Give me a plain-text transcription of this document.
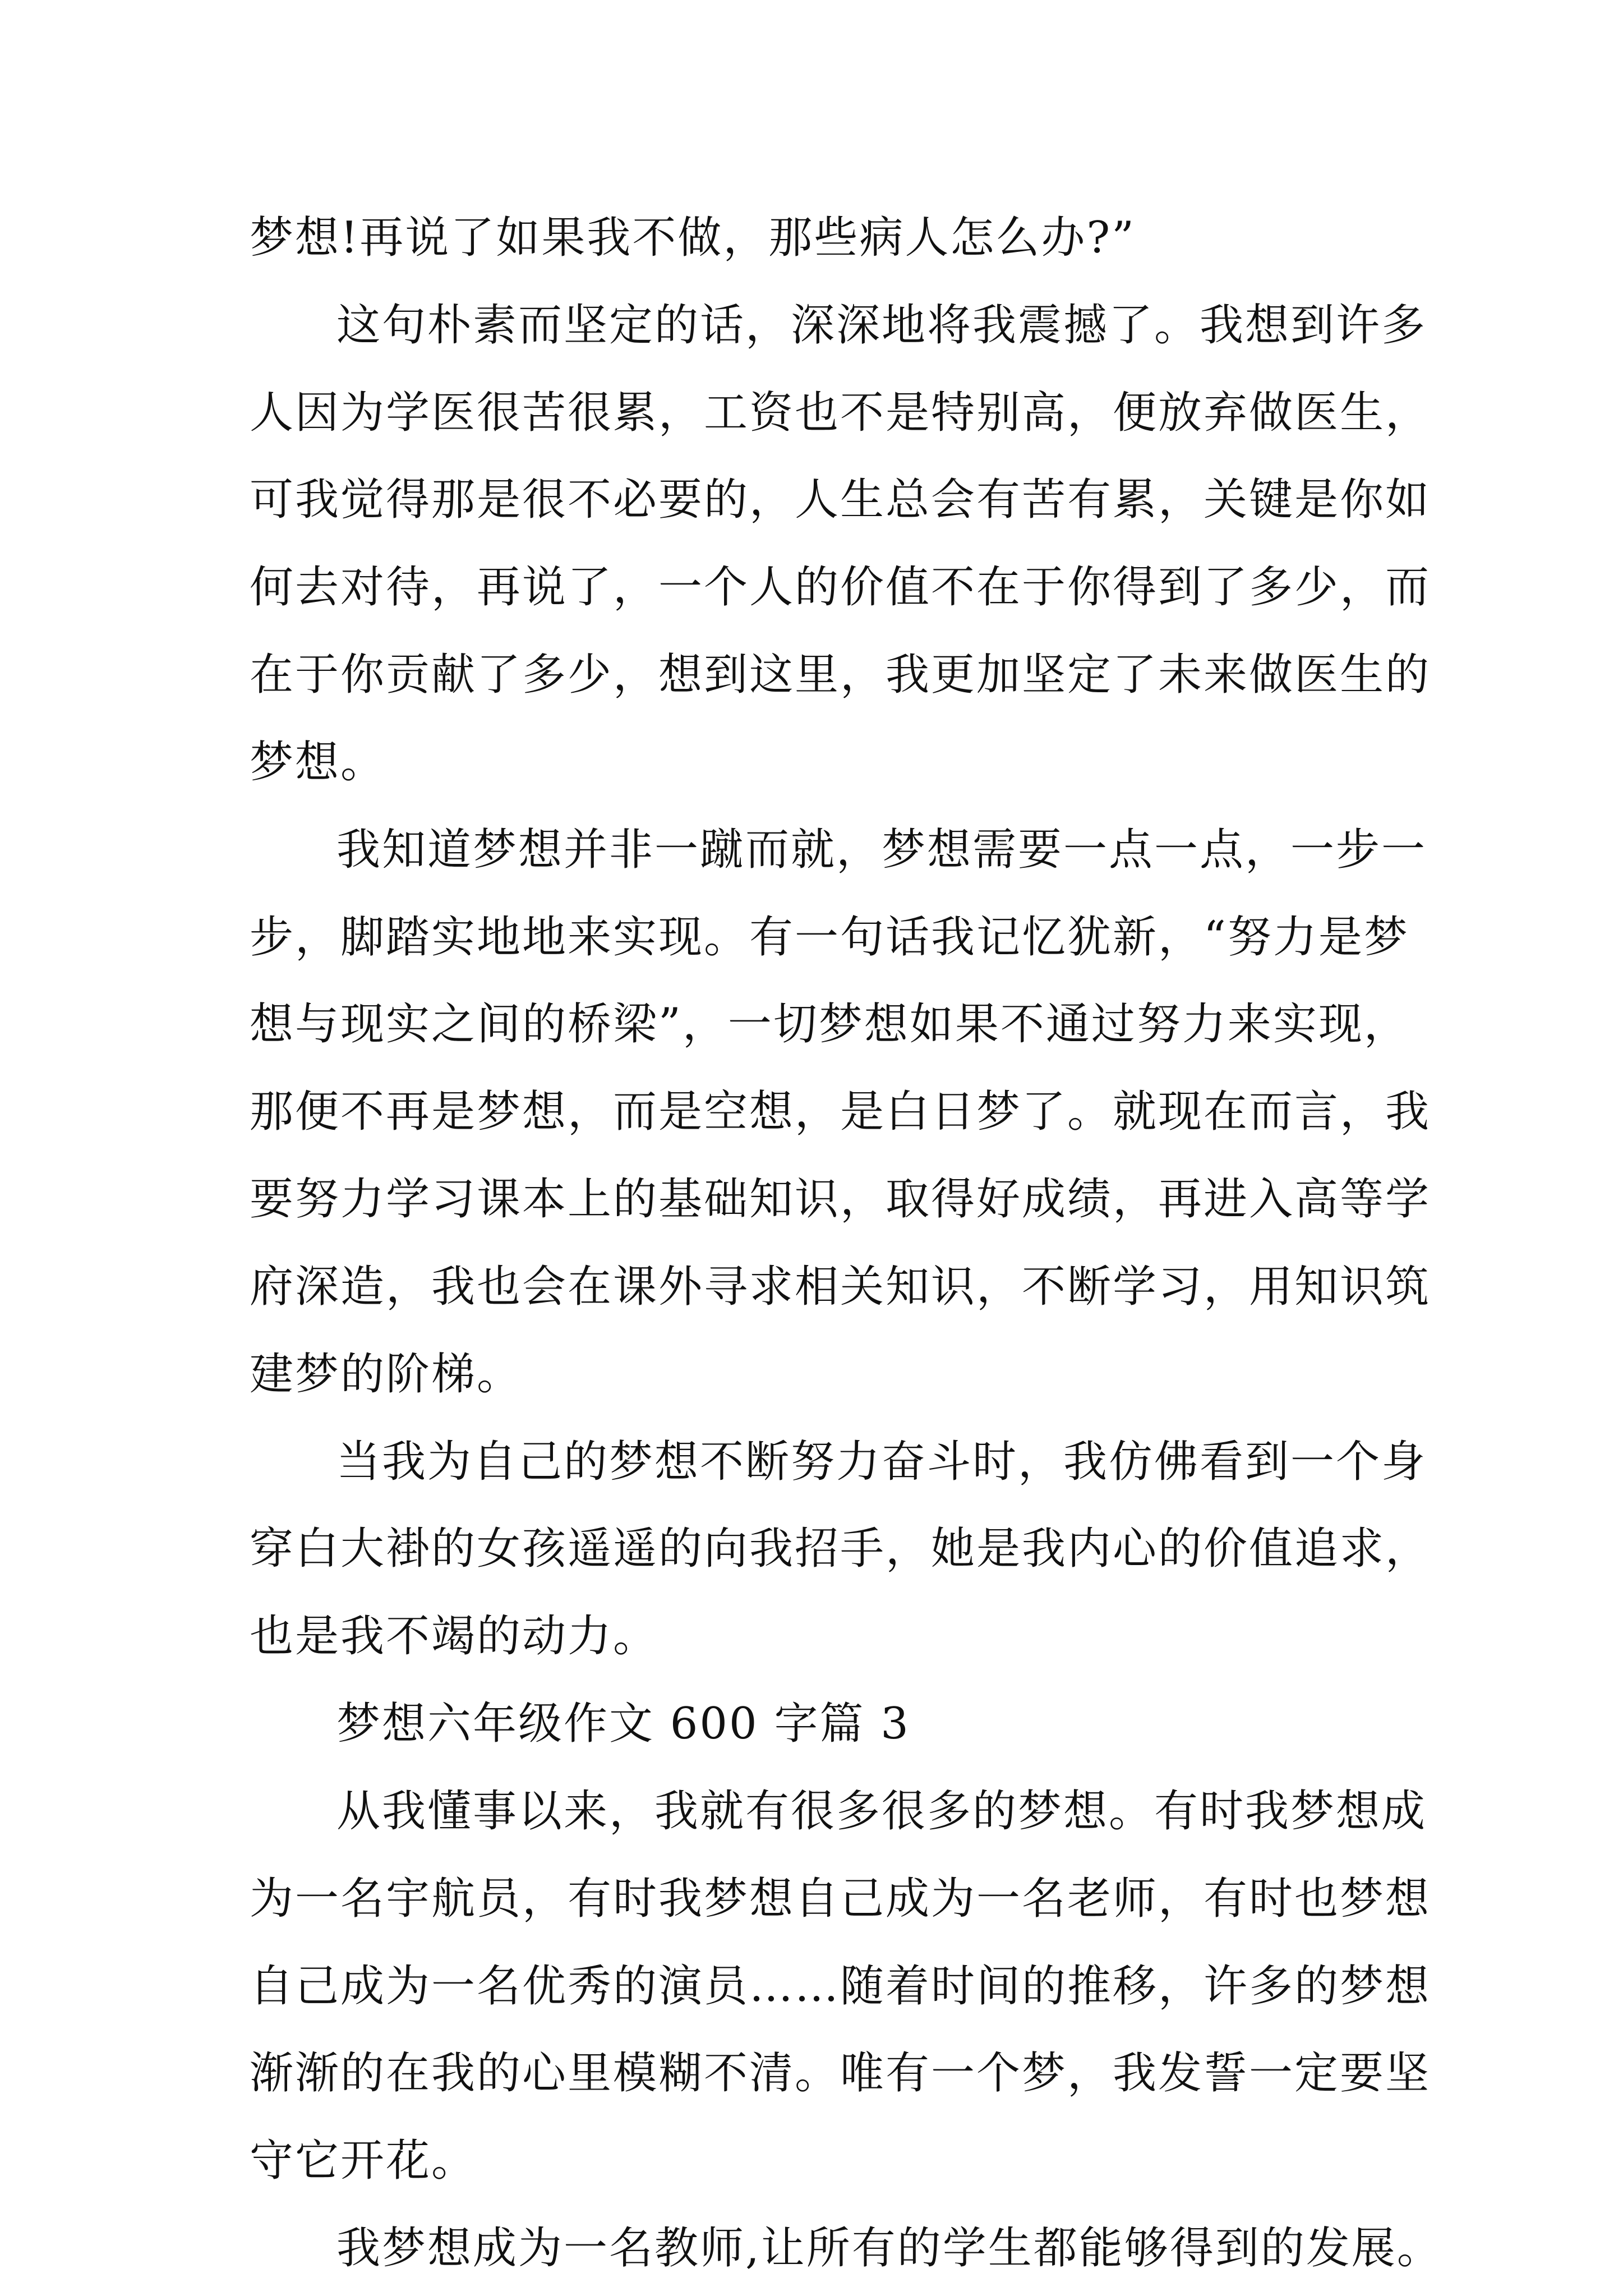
梦想!再说了如果我不做，那些病人怎么办?”
这句朴素而坚定的话，深深地将我震撼了。我想到许多
人因为学医很苦很累，工资也不是特别高，便放弃做医生，
可我觉得那是很不必要的，人生总会有苦有累，关键是你如
何去对待，再说了，一个人的价值不在于你得到了多少，而
在于你贡献了多少，想到这里，我更加坚定了未来做医生的
梦想。
我知道梦想并非一蹴而就，梦想需要一点一点，一步一
步，脚踏实地地来实现。有一句话我记忆犹新，“努力是梦
想与现实之间的桥梁”，一切梦想如果不通过努力来实现，
那便不再是梦想，而是空想，是白日梦了。就现在而言，我
要努力学习课本上的基础知识，取得好成绩，再进入高等学
府深造，我也会在课外寻求相关知识，不断学习，用知识筑
建梦的阶梯。
当我为自己的梦想不断努力奋斗时，我仿佛看到一个身
穿白大褂的女孩遥遥的向我招手，她是我内心的价值追求，
也是我不竭的动力。
梦想六年级作文 600 字篇 3
从我懂事以来，我就有很多很多的梦想。有时我梦想成
为一名宇航员，有时我梦想自己成为一名老师，有时也梦想
自己成为一名优秀的演员……随着时间的推移，许多的梦想
渐渐的在我的心里模糊不清。唯有一个梦，我发誓一定要坚
守它开花。
我梦想成为一名教师,让所有的学生都能够得到的发展。
